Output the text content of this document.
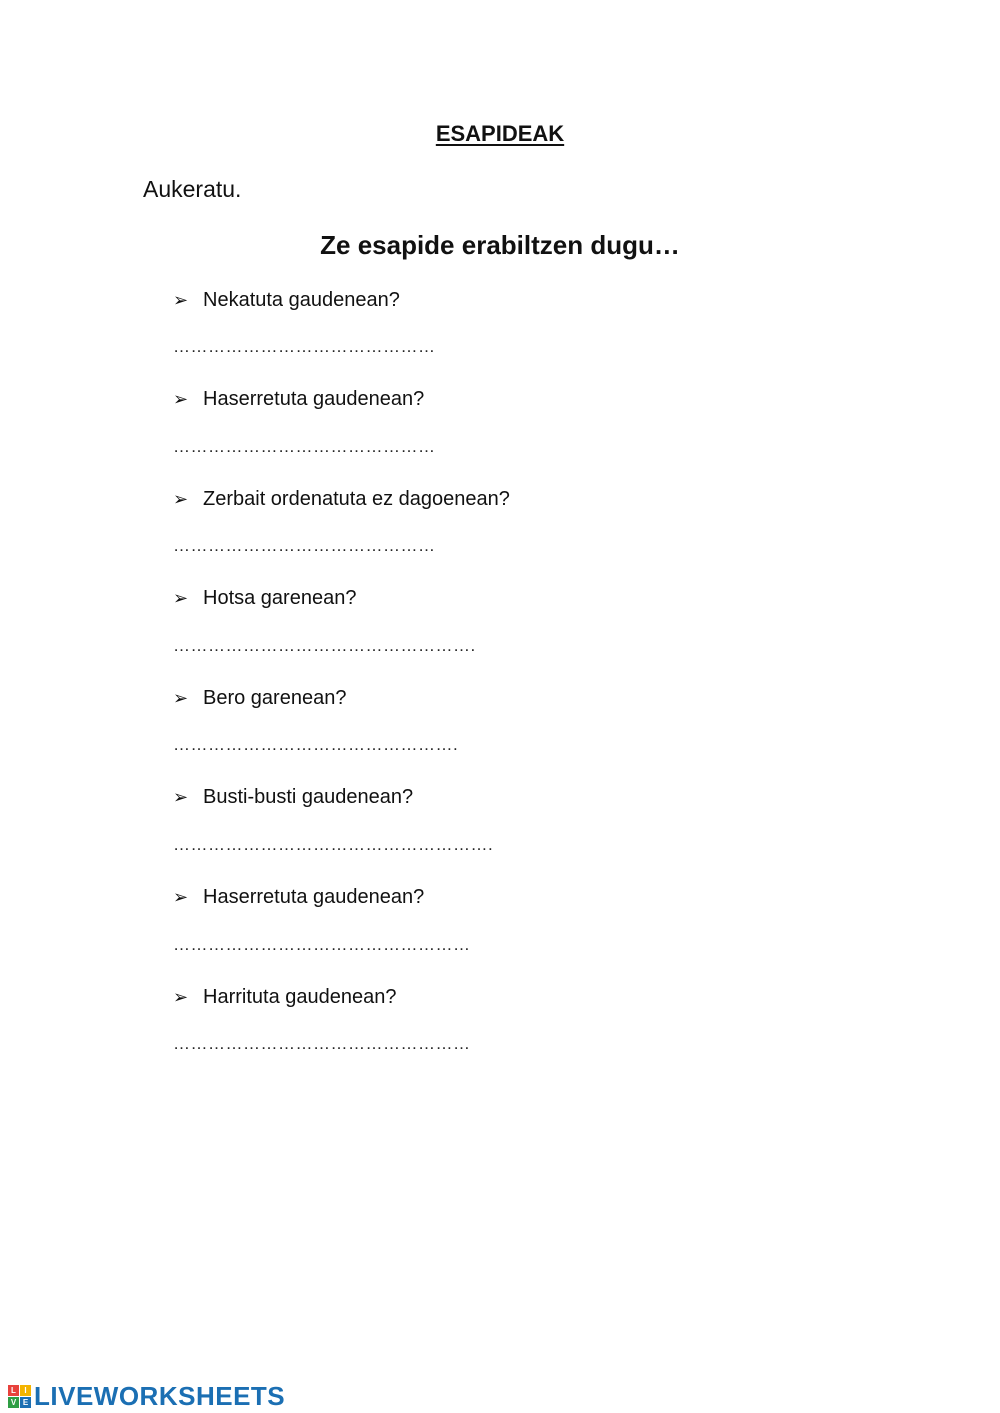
ESAPIDEAK
Aukeratu.
Ze esapide erabiltzen dugu…
➢ Nekatuta gaudenean?
………………………………………
➢ Haserretuta gaudenean?
………………………………………
➢ Zerbait ordenatuta ez dagoenean?
………………………………………
➢ Hotsa garenean?
…………………………………………….
➢ Bero garenean?
………………………………………….
➢ Busti-busti gaudenean?
……………………………………………….
➢ Haserretuta gaudenean?
……………………………………………
➢ Harrituta gaudenean?
……………………………………………
L	I
V E LIVEWORKSHEETS
